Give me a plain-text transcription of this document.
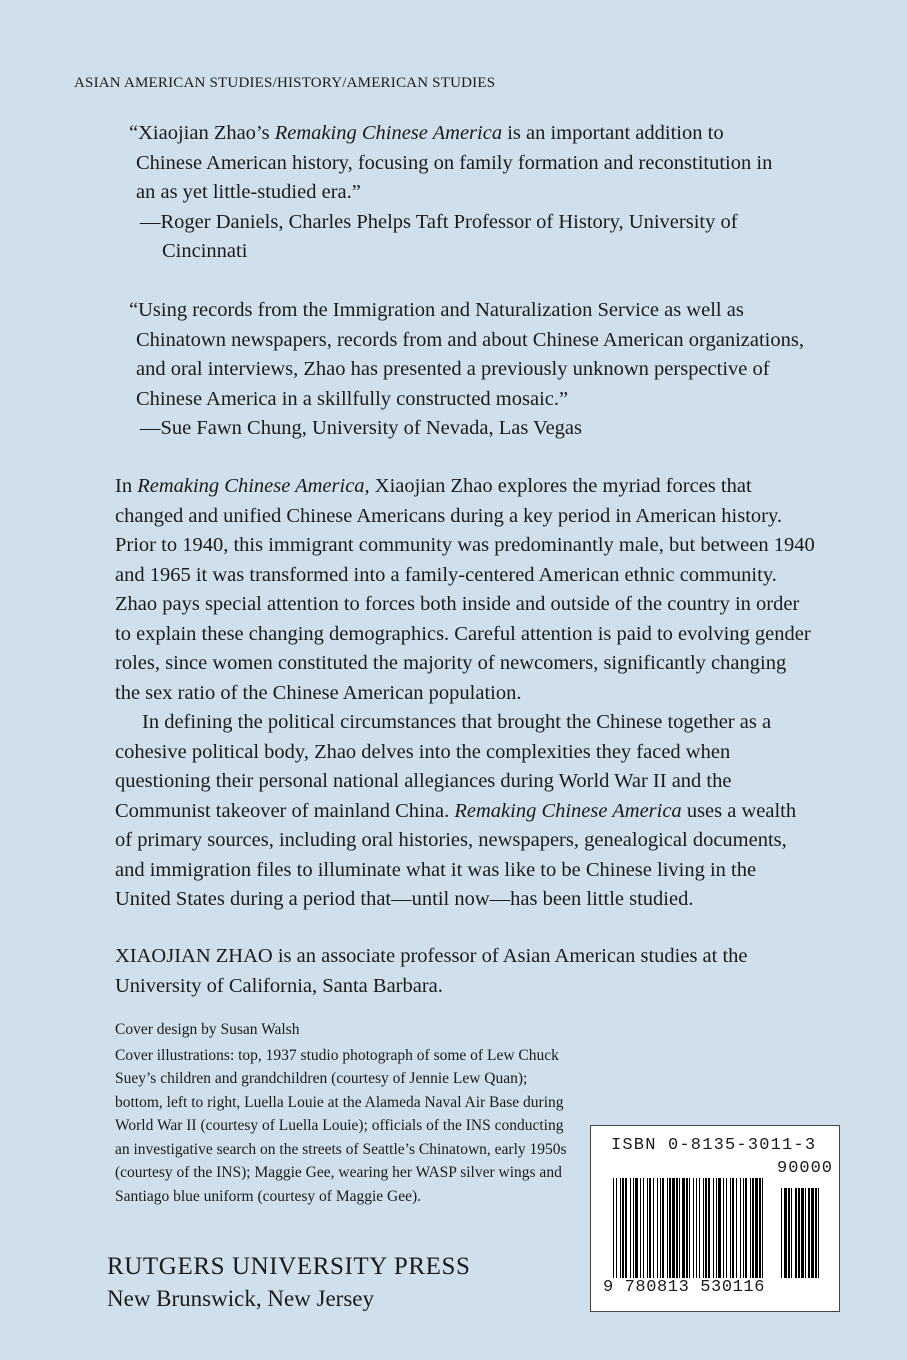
ASIAN AMERICAN STUDIES/HISTORY/AMERICAN STUDIES

“Xiaojian Zhao’s Remaking Chinese America is an important addition to Chinese American history, focusing on family formation and reconstitution in an as yet little-studied era.”

—Roger Daniels, Charles Phelps Taft Professor of History, University of Cincinnati

“Using records from the Immigration and Naturalization Service as well as Chinatown newspapers, records from and about Chinese American organizations, and oral interviews, Zhao has presented a previously unknown perspective of Chinese America in a skillfully constructed mosaic.”

—Sue Fawn Chung, University of Nevada, Las Vegas

In Remaking Chinese America, Xiaojian Zhao explores the myriad forces that changed and unified Chinese Americans during a key period in American history. Prior to 1940, this immigrant community was predominantly male, but between 1940 and 1965 it was transformed into a family-centered American ethnic community. Zhao pays special attention to forces both inside and outside of the country in order to explain these changing demographics. Careful attention is paid to evolving gender roles, since women constituted the majority of newcomers, significantly changing the sex ratio of the Chinese American population.

In defining the political circumstances that brought the Chinese together as a cohesive political body, Zhao delves into the complexities they faced when questioning their personal national allegiances during World War II and the Communist takeover of mainland China. Remaking Chinese America uses a wealth of primary sources, including oral histories, newspapers, genealogical documents, and immigration files to illuminate what it was like to be Chinese living in the United States during a period that—until now—has been little studied.

XIAOJIAN ZHAO is an associate professor of Asian American studies at the University of California, Santa Barbara.

Cover design by Susan Walsh

Cover illustrations: top, 1937 studio photograph of some of Lew Chuck Suey’s children and grandchildren (courtesy of Jennie Lew Quan); bottom, left to right, Luella Louie at the Alameda Naval Air Base during World War II (courtesy of Luella Louie); officials of the INS conducting an investigative search on the streets of Seattle’s Chinatown, early 1950s (courtesy of the INS); Maggie Gee, wearing her WASP silver wings and Santiago blue uniform (courtesy of Maggie Gee).

RUTGERS UNIVERSITY PRESS
New Brunswick, New Jersey
ISBN 0-8135-3011-3
90000
9 780813 530116
